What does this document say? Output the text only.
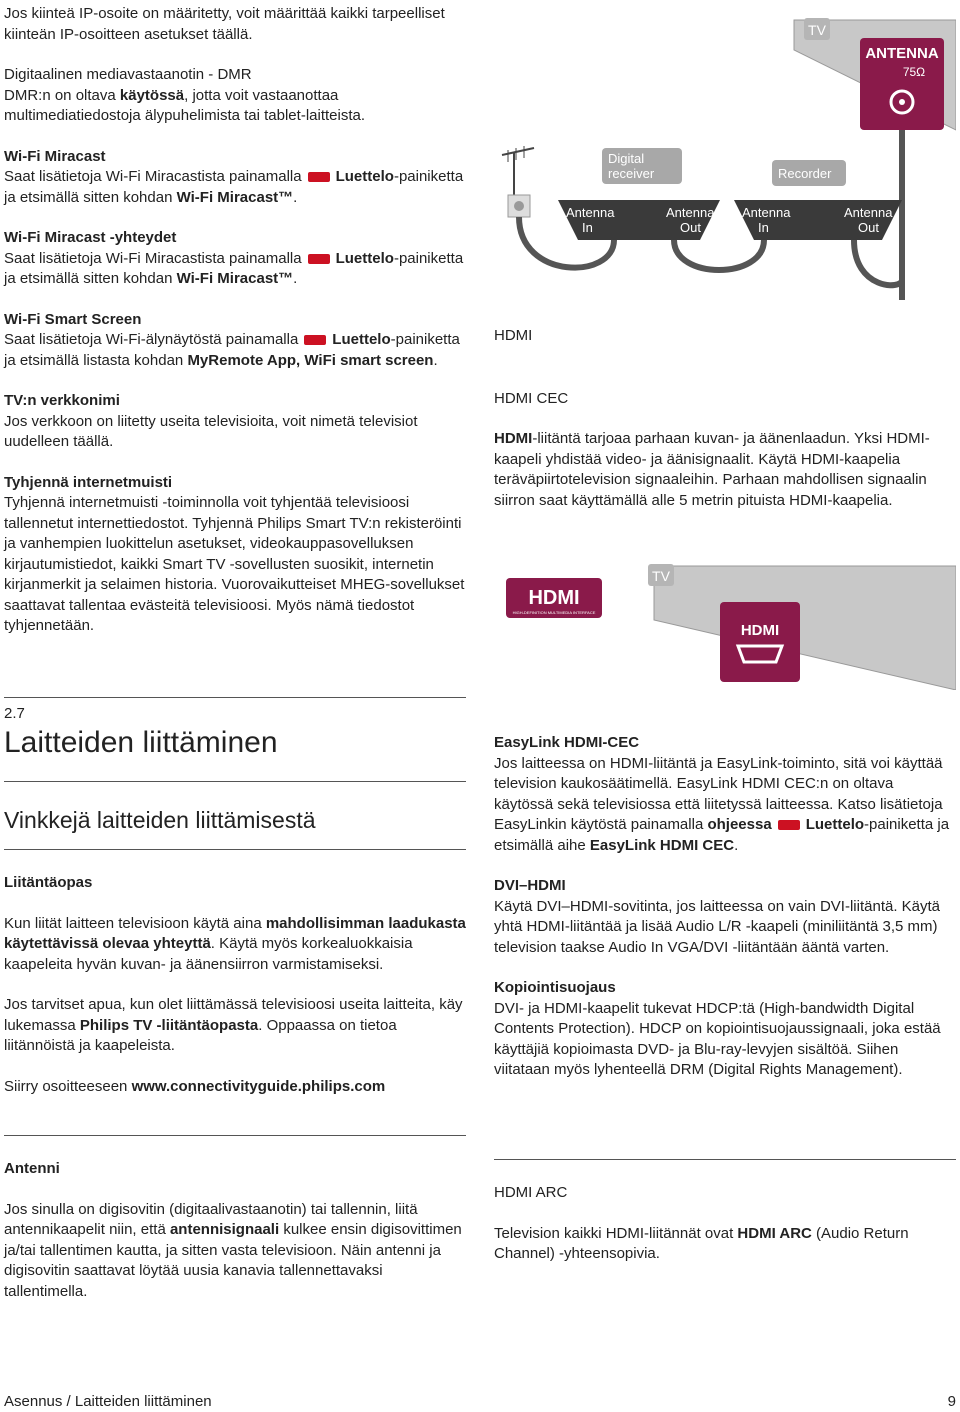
Jos kiinteä IP-osoite on määritetty, voit määrittää kaikki tarpeelliset kiinteän IP-osoitteen asetukset täällä.

Digitaalinen mediavastaanotin - DMR

DMR:n on oltava käytössä, jotta voit vastaanottaa multimediatiedostoja älypuhelimista tai tablet-laitteista.

Wi-Fi Miracast

Saat lisätietoja Wi-Fi Miracastista painamalla Luettelo-painiketta ja etsimällä sitten kohdan Wi-Fi Miracast™.

Wi-Fi Miracast -yhteydet

Saat lisätietoja Wi-Fi Miracastista painamalla Luettelo-painiketta ja etsimällä sitten kohdan Wi-Fi Miracast™.

Wi-Fi Smart Screen

Saat lisätietoja Wi-Fi-älynäytöstä painamalla Luettelo-painiketta ja etsimällä listasta kohdan MyRemote App, WiFi smart screen.

TV:n verkkonimi

Jos verkkoon on liitetty useita televisioita, voit nimetä televisiot uudelleen täällä.

Tyhjennä internetmuisti

Tyhjennä internetmuisti -toiminnolla voit tyhjentää televisioosi tallennetut internettiedostot. Tyhjennä Philips Smart TV:n rekisteröinti ja vanhempien luokittelun asetukset, videokauppasovelluksen kirjautumistiedot, kaikki Smart TV -sovellusten suosikit, internetin kirjanmerkit ja selaimen historia. Vuorovaikutteiset MHEG-sovellukset saattavat tallentaa evästeitä televisioosi. Myös nämä tiedostot tyhjennetään.

TV
ANTENNA
75Ω
Digital
receiver
Antenna
In
Antenna
Out
Recorder
Antenna
In
Antenna
Out

HDMI

HDMI CEC

HDMI-liitäntä tarjoaa parhaan kuvan- ja äänenlaadun. Yksi HDMI-kaapeli yhdistää video- ja äänisignaalit. Käytä HDMI-kaapelia teräväpiirtotelevision signaaleihin. Parhaan mahdollisen signaalin siirron saat käyttämällä alle 5 metrin pituista HDMI-kaapelia.

HDMI
HIGH-DEFINITION MULTIMEDIA INTERFACE
TV
HDMI

2.7

Laitteiden liittäminen

Vinkkejä laitteiden liittämisestä

Liitäntäopas

Kun liität laitteen televisioon käytä aina mahdollisimman laadukasta käytettävissä olevaa yhteyttä. Käytä myös korkealuokkaisia kaapeleita hyvän kuvan- ja äänensiirron varmistamiseksi.

Jos tarvitset apua, kun olet liittämässä televisioosi useita laitteita, käy lukemassa Philips TV -liitäntäopasta. Oppaassa on tietoa liitännöistä ja kaapeleista.

Siirry osoitteeseen www.connectivityguide.philips.com

Antenni

Jos sinulla on digisovitin (digitaalivastaanotin) tai tallennin, liitä antennikaapelit niin, että antennisignaali kulkee ensin digisovittimen ja/tai tallentimen kautta, ja sitten vasta televisioon. Näin antenni ja digisovitin saattavat löytää uusia kanavia tallennettavaksi tallentimella.

EasyLink HDMI-CEC

Jos laitteessa on HDMI-liitäntä ja EasyLink-toiminto, sitä voi käyttää television kaukosäätimellä. EasyLink HDMI CEC:n on oltava käytössä sekä televisiossa että liitetyssä laitteessa. Katso lisätietoja EasyLinkin käytöstä painamalla ohjeessa Luettelo-painiketta ja etsimällä aihe EasyLink HDMI CEC.

DVI–HDMI

Käytä DVI–HDMI-sovitinta, jos laitteessa on vain DVI-liitäntä. Käytä yhtä HDMI-liitäntää ja lisää Audio L/R -kaapeli (miniliitäntä 3,5 mm) television taakse Audio In VGA/DVI -liitäntään ääntä varten.

Kopiointisuojaus

DVI- ja HDMI-kaapelit tukevat HDCP:tä (High-bandwidth Digital Contents Protection). HDCP on kopiointisuojaussignaali, joka estää käyttäjiä kopioimasta DVD- ja Blu-ray-levyjen sisältöä. Siihen viitataan myös lyhenteellä DRM (Digital Rights Management).

HDMI ARC

Television kaikki HDMI-liitännät ovat HDMI ARC (Audio Return Channel) -yhteensopivia.

Asennus / Laitteiden liittäminen	9
